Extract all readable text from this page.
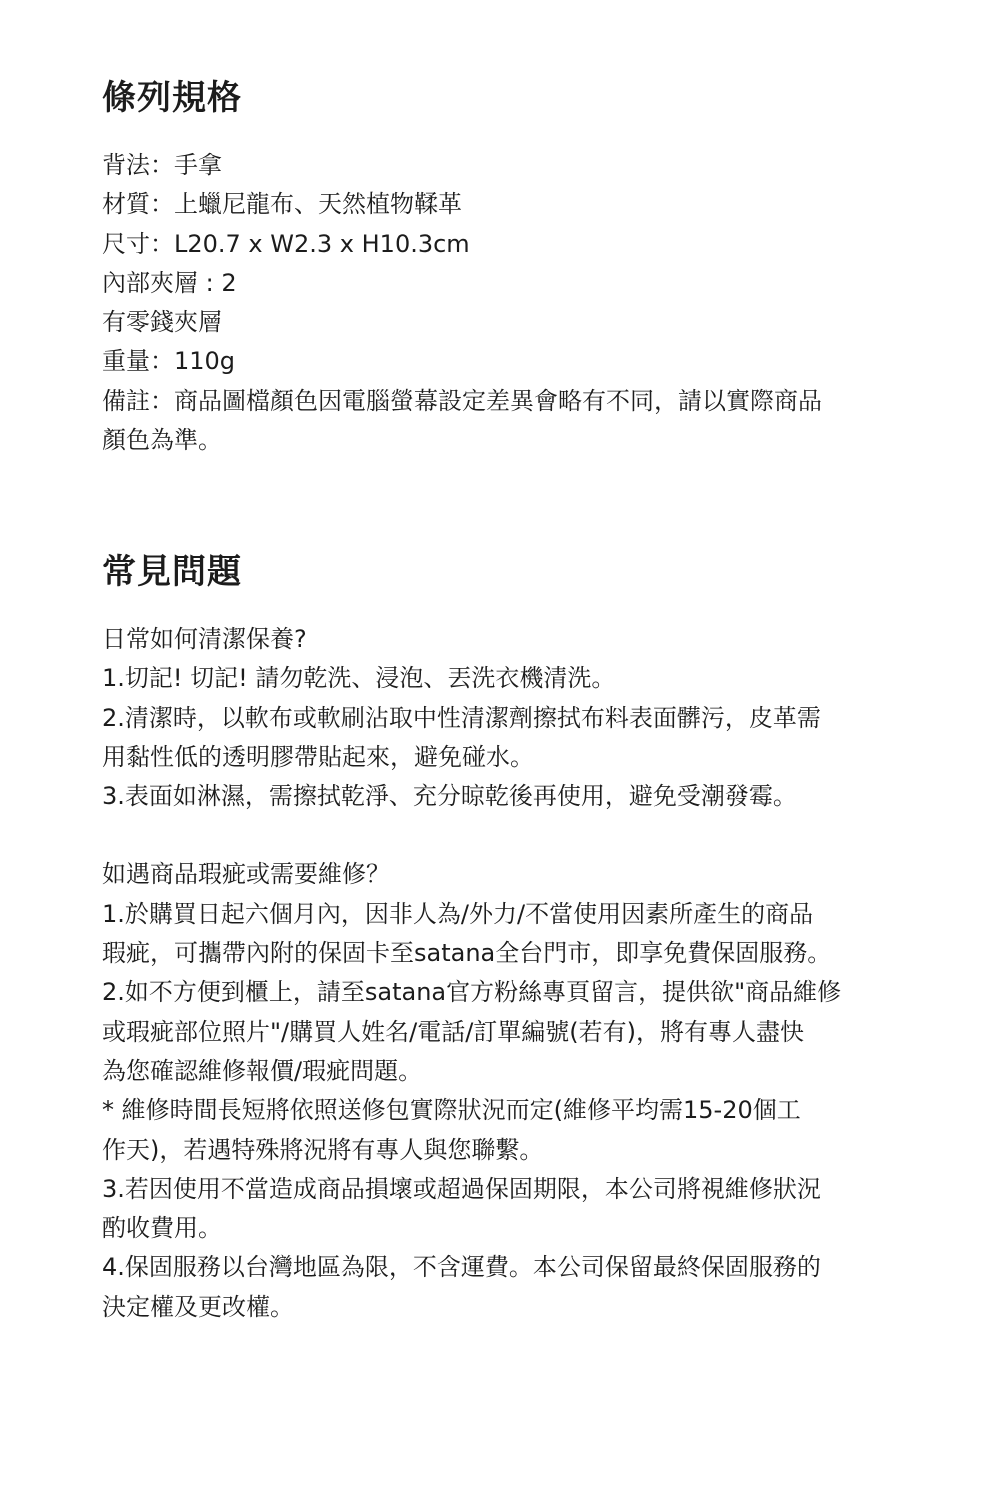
條列規格
背法：手拿
材質：上蠟尼龍布、天然植物鞣革
尺寸：L20.7 x W2.3 x H10.3cm
內部夾層 : 2
有零錢夾層
重量：110g
備註：商品圖檔顏色因電腦螢幕設定差異會略有不同，請以實際商品
顏色為準。
常見問題
日常如何清潔保養?
1.切記! 切記! 請勿乾洗、浸泡、丟洗衣機清洗。
2.清潔時，以軟布或軟刷沾取中性清潔劑擦拭布料表面髒污，皮革需
用黏性低的透明膠帶貼起來，避免碰水。
3.表面如淋濕，需擦拭乾淨、充分晾乾後再使用，避免受潮發霉。
如遇商品瑕疵或需要維修？
1.於購買日起六個月內，因非人為/外力/不當使用因素所產生的商品
瑕疵，可攜帶內附的保固卡至satana全台門市，即享免費保固服務。
2.如不方便到櫃上，請至satana官方粉絲專頁留言，提供欲"商品維修
或瑕疵部位照片"/購買人姓名/電話/訂單編號(若有)，將有專人盡快
為您確認維修報價/瑕疵問題。
* 維修時間長短將依照送修包實際狀況而定(維修平均需15-20個工
作天)，若遇特殊將況將有專人與您聯繫。
3.若因使用不當造成商品損壞或超過保固期限，本公司將視維修狀況
酌收費用。
4.保固服務以台灣地區為限，不含運費。本公司保留最終保固服務的
決定權及更改權。
